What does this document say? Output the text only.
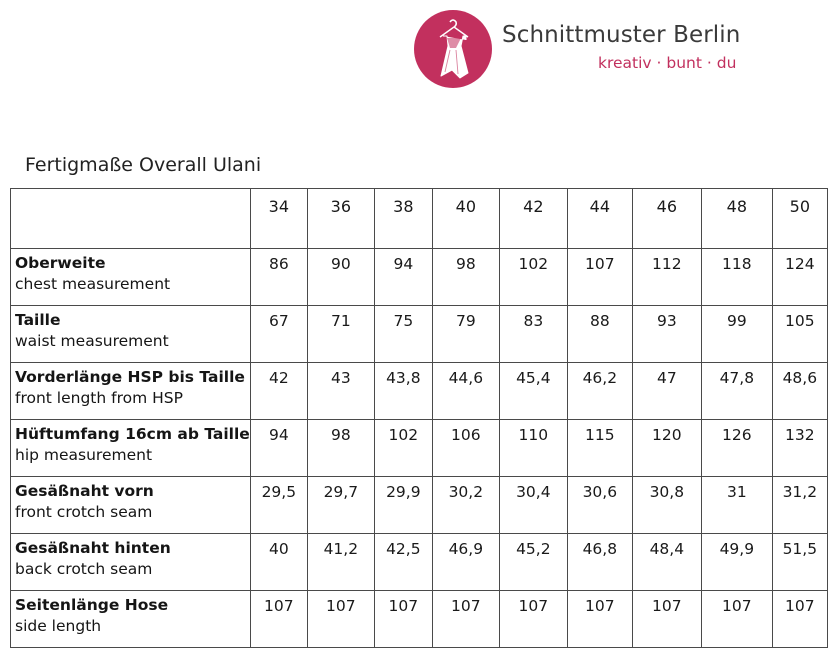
Schnittmuster Berlin
kreativ · bunt · du
Fertigmaße Overall Ulani
	34	36	38	40	42	44	46	48	50

Oberweite
chest measurement	86	90	94	98	102	107	112	118	124

Taille
waist measurement	67	71	75	79	83	88	93	99	105

Vorderlänge HSP bis Taille
front length from HSP	42	43	43,8	44,6	45,4	46,2	47	47,8	48,6

Hüftumfang 16cm ab Taille
hip measurement	94	98	102	106	110	115	120	126	132

Gesäßnaht vorn
front crotch seam	29,5	29,7	29,9	30,2	30,4	30,6	30,8	31	31,2

Gesäßnaht hinten
back crotch seam	40	41,2	42,5	46,9	45,2	46,8	48,4	49,9	51,5

Seitenlänge Hose
side length	107	107	107	107	107	107	107	107	107
